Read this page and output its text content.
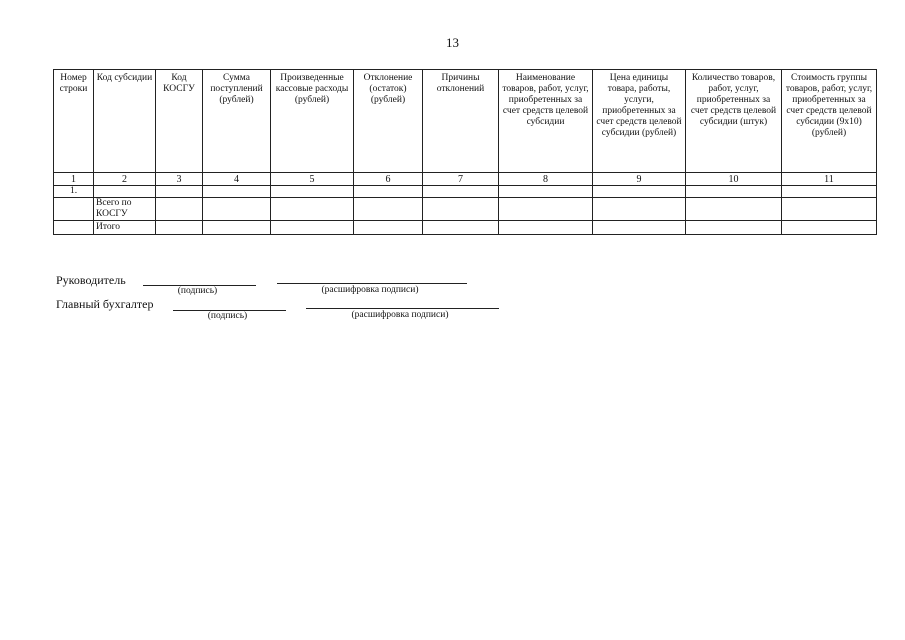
13
Номер строки	Код субсидии	Код КОСГУ	Сумма поступлений (рублей)	Произведенные кассовые расходы (рублей)	Отклонение (остаток) (рублей)	Причины отклонений	Наименование товаров, работ, услуг, приобретенных за счет средств целевой субсидии	Цена единицы товара, работы, услуги, приобретенных за счет средств целевой субсидии (рублей)	Количество товаров, работ, услуг, приобретенных за счет средств целевой субсидии (штук)	Стоимость группы товаров, работ, услуг, приобретенных за счет средств целевой субсидии (9x10) (рублей)
1	2	3	4	5	6	7	8	9	10	11
1.										
	Всего по КОСГУ									
	Итого									
Руководитель
(подпись)	(расшифровка подписи)
Главный бухгалтер
(подпись)	(расшифровка подписи)
